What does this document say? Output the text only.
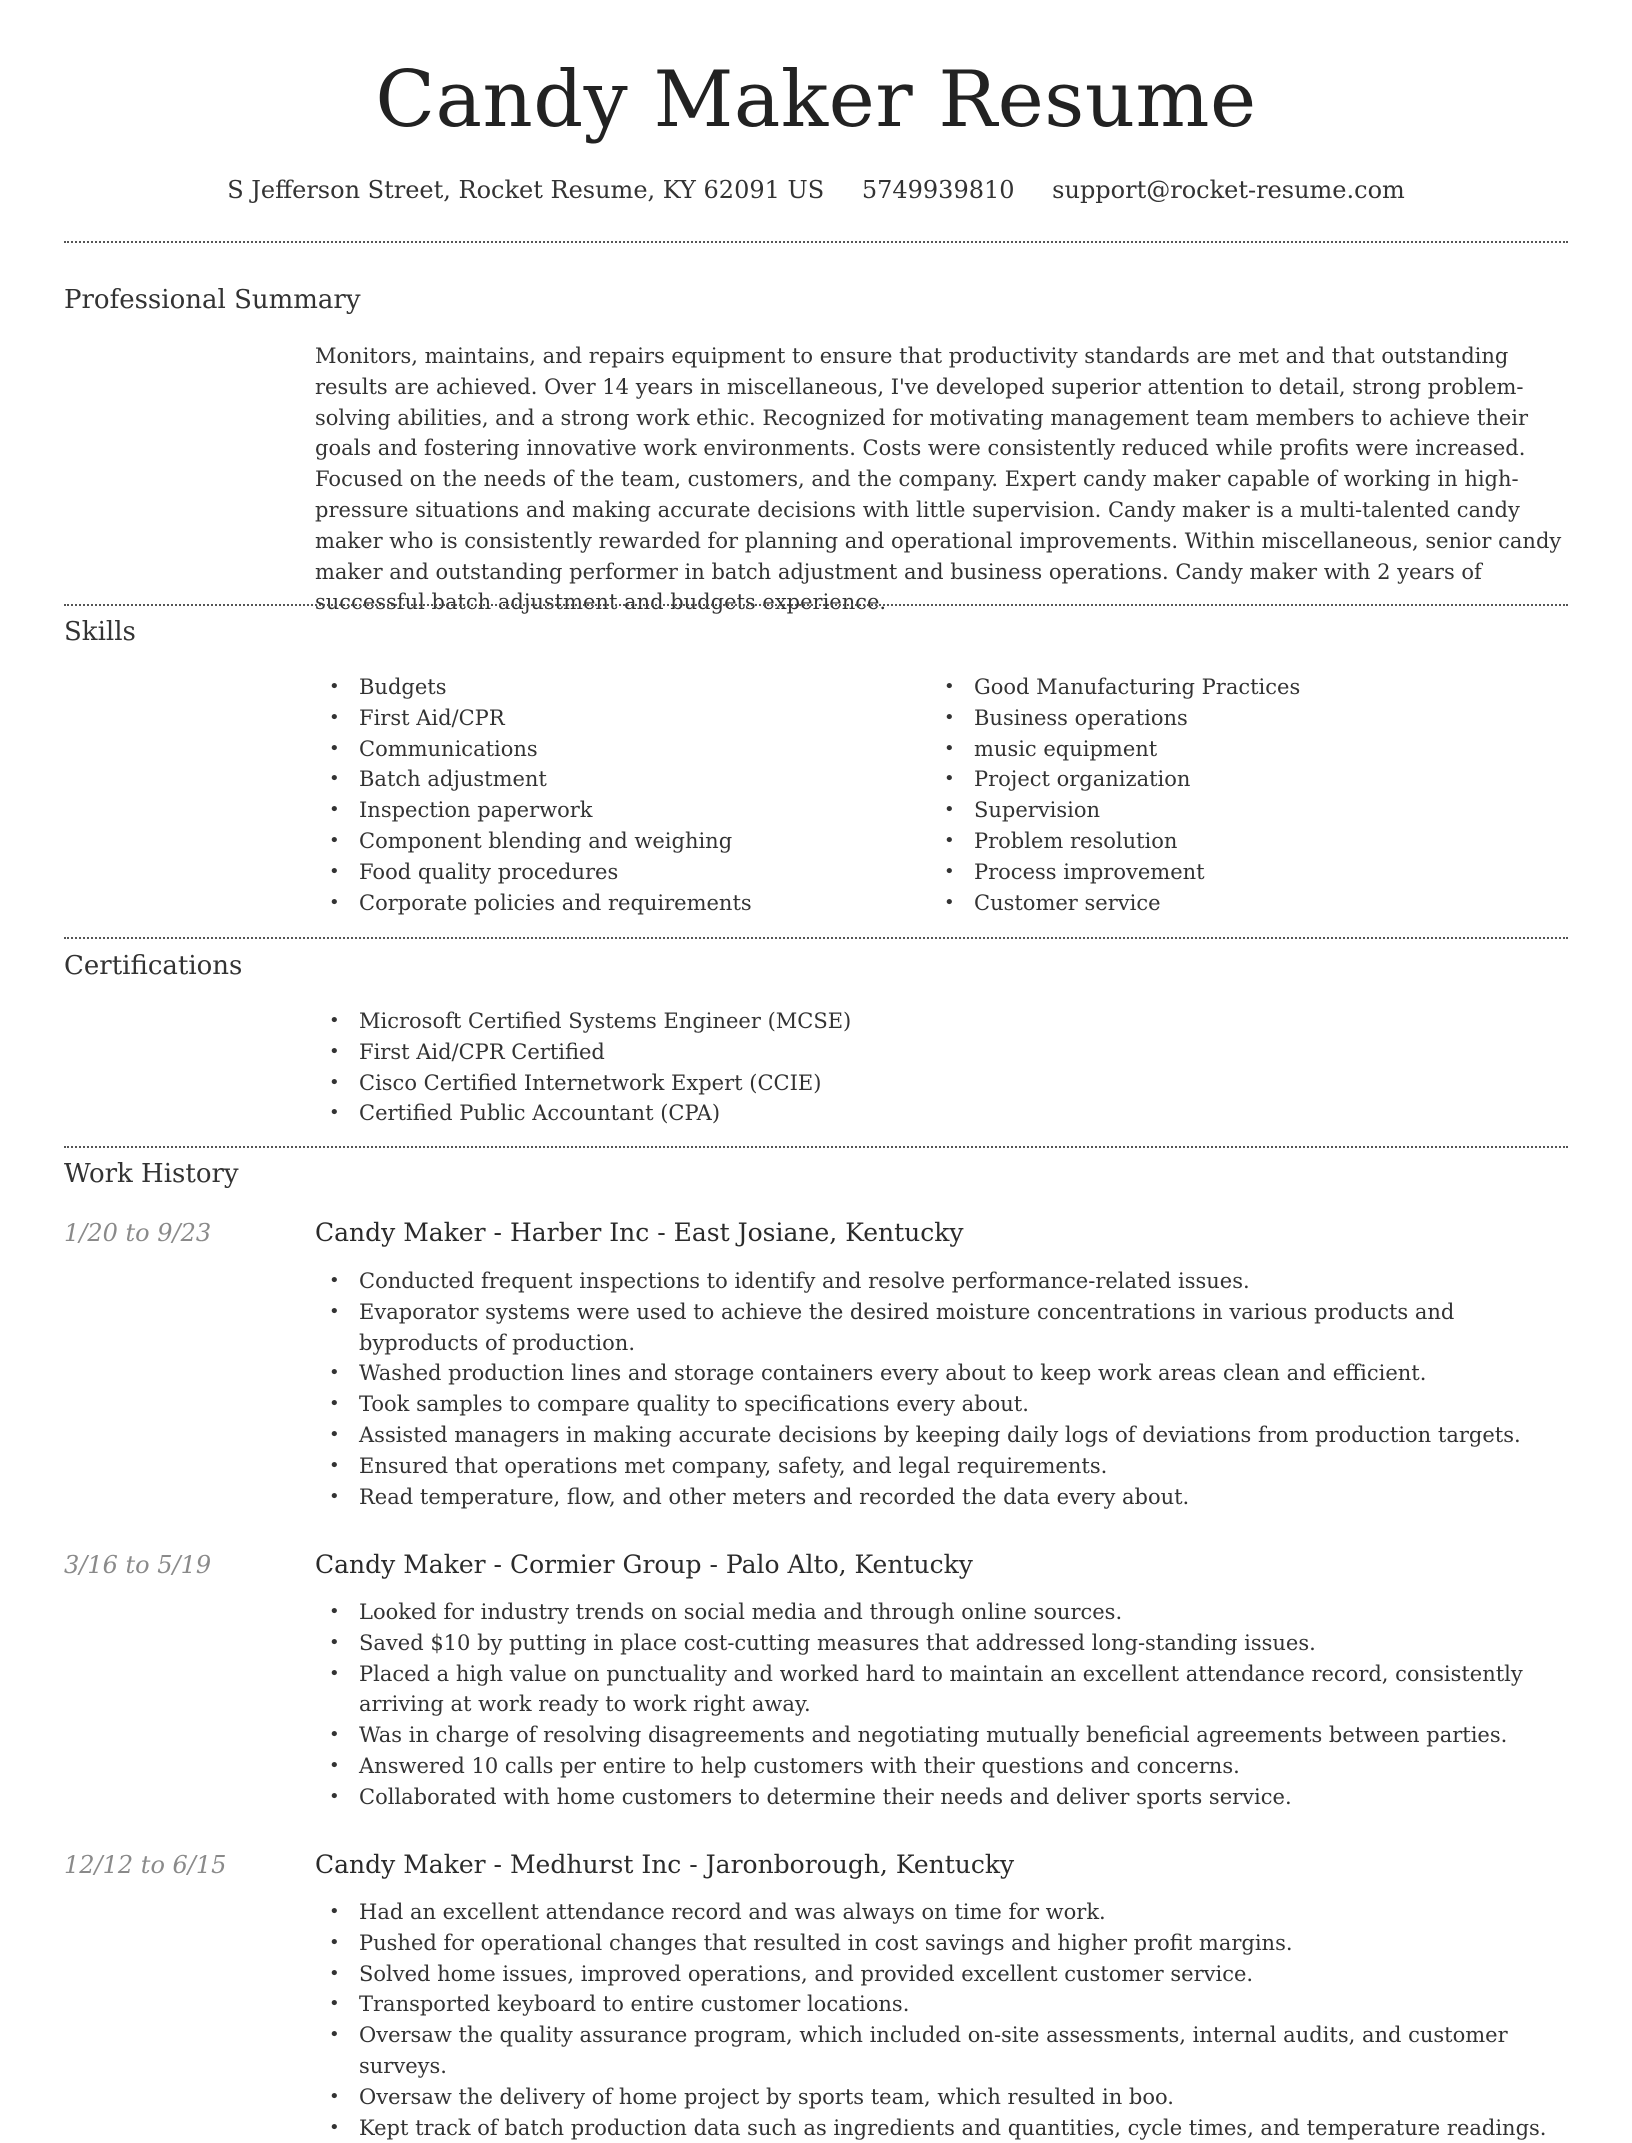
Candy Maker Resume
S Jefferson Street, Rocket Resume, KY 62091 US 5749939810 support@rocket-resume.com
Professional Summary
Monitors, maintains, and repairs equipment to ensure that productivity standards are met and that outstanding results are achieved. Over 14 years in miscellaneous, I've developed superior attention to detail, strong problem-solving abilities, and a strong work ethic. Recognized for motivating management team members to achieve their goals and fostering innovative work environments. Costs were consistently reduced while profits were increased. Focused on the needs of the team, customers, and the company. Expert candy maker capable of working in high-pressure situations and making accurate decisions with little supervision. Candy maker is a multi-talented candy maker who is consistently rewarded for planning and operational improvements. Within miscellaneous, senior candy maker and outstanding performer in batch adjustment and business operations. Candy maker with 2 years of successful batch adjustment and budgets experience.
Skills
• Budgets
• First Aid/CPR
• Communications
• Batch adjustment
• Inspection paperwork
• Component blending and weighing
• Food quality procedures
• Corporate policies and requirements
• Good Manufacturing Practices
• Business operations
• music equipment
• Project organization
• Supervision
• Problem resolution
• Process improvement
• Customer service
Certifications
• Microsoft Certified Systems Engineer (MCSE)
• First Aid/CPR Certified
• Cisco Certified Internetwork Expert (CCIE)
• Certified Public Accountant (CPA)
Work History
1/20 to 9/23	Candy Maker - Harber Inc - East Josiane, Kentucky
• Conducted frequent inspections to identify and resolve performance-related issues.
• Evaporator systems were used to achieve the desired moisture concentrations in various products and byproducts of production.
• Washed production lines and storage containers every about to keep work areas clean and efficient.
• Took samples to compare quality to specifications every about.
• Assisted managers in making accurate decisions by keeping daily logs of deviations from production targets.
• Ensured that operations met company, safety, and legal requirements.
• Read temperature, flow, and other meters and recorded the data every about.
3/16 to 5/19	Candy Maker - Cormier Group - Palo Alto, Kentucky
• Looked for industry trends on social media and through online sources.
• Saved $10 by putting in place cost-cutting measures that addressed long-standing issues.
• Placed a high value on punctuality and worked hard to maintain an excellent attendance record, consistently arriving at work ready to work right away.
• Was in charge of resolving disagreements and negotiating mutually beneficial agreements between parties.
• Answered 10 calls per entire to help customers with their questions and concerns.
• Collaborated with home customers to determine their needs and deliver sports service.
12/12 to 6/15	Candy Maker - Medhurst Inc - Jaronborough, Kentucky
• Had an excellent attendance record and was always on time for work.
• Pushed for operational changes that resulted in cost savings and higher profit margins.
• Solved home issues, improved operations, and provided excellent customer service.
• Transported keyboard to entire customer locations.
• Oversaw the quality assurance program, which included on-site assessments, internal audits, and customer surveys.
• Oversaw the delivery of home project by sports team, which resulted in boo.
• Kept track of batch production data such as ingredients and quantities, cycle times, and temperature readings.
